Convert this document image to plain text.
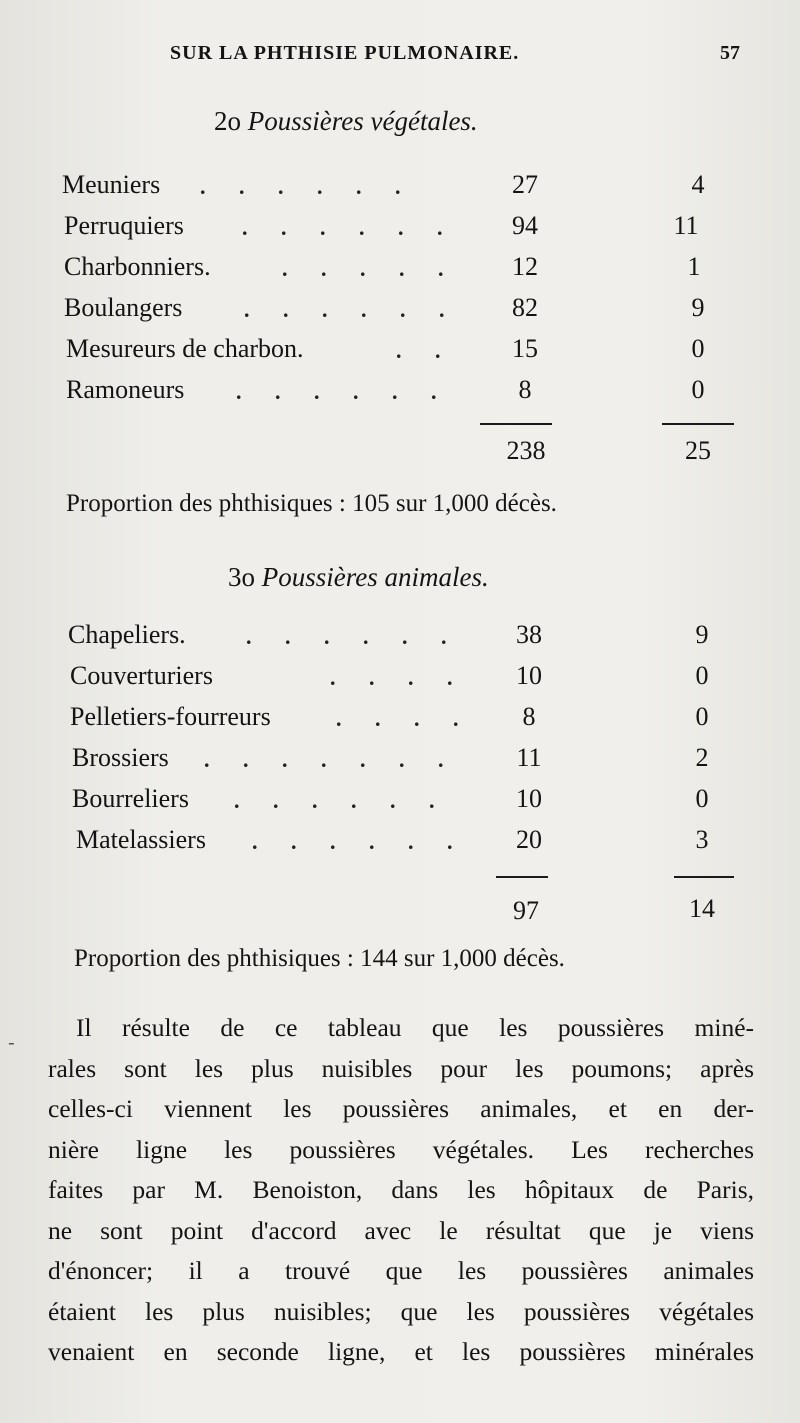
SUR LA PHTHISIE PULMONAIRE.	57
2o Poussières végétales.
Meuniers . . . . . .	27	4
Perruquiers	. . . . . .	94	11
Charbonniers.	. . . . .	12	1
Boulangers	. . . . . .	82	9
Mesureurs de charbon.	. .	15	0
Ramoneurs . . . . . .	8	0
238	25
Proportion des phthisiques : 105 sur 1,000 décès.
3o Poussières animales.
Chapeliers.	. . . . . .	38	9
Couverturiers	. . . .	10	0
Pelletiers-fourreurs	. . . .	8	0
Brossiers . . . . . . .	11	2
Bourreliers . . . . . .	10	0
Matelassiers . . . . . .	20	3
97	14
Proportion des phthisiques : 144 sur 1,000 décès.
-	Il résulte de ce tableau que les poussières miné-
rales sont les plus nuisibles pour les poumons; après
celles-ci viennent les poussières animales, et en der-
nière ligne les poussières végétales. Les recherches
faites par M. Benoiston, dans les hôpitaux de Paris,
ne sont point d'accord avec le résultat que je viens
d'énoncer; il a trouvé que les poussières animales
étaient les plus nuisibles; que les poussières végétales
venaient en seconde ligne, et les poussières minérales
